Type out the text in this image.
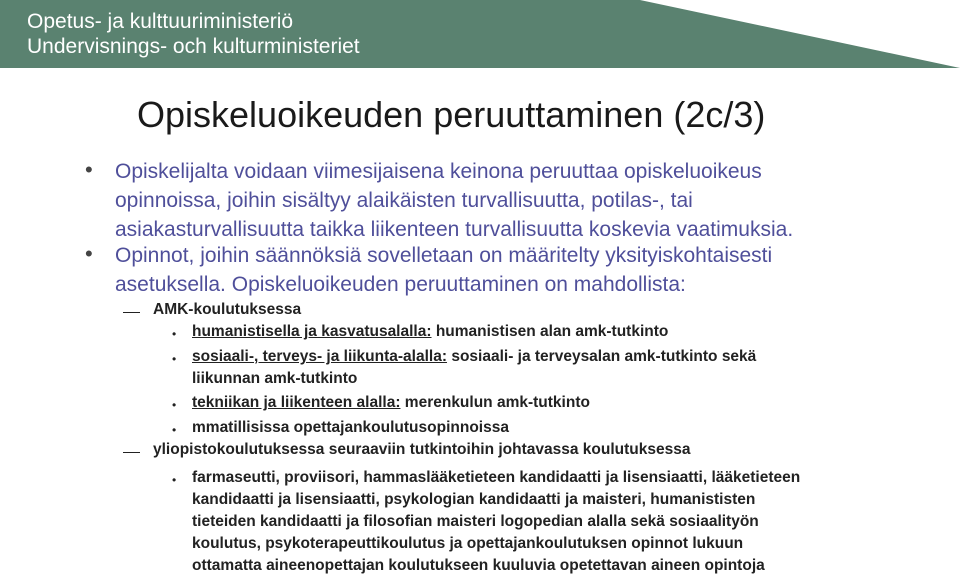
Opetus- ja kulttuuriministeriö
Undervisnings- och kulturministeriet
Opiskeluoikeuden peruuttaminen (2c/3)
• Opiskelijalta voidaan viimesijaisena keinona peruuttaa opiskeluoikeus
opinnoissa, joihin sisältyy alaikäisten turvallisuutta, potilas-, tai
asiakasturvallisuutta taikka liikenteen turvallisuutta koskevia vaatimuksia.
• Opinnot, joihin säännöksiä sovelletaan on määritelty yksityiskohtaisesti
asetuksella. Opiskeluoikeuden peruuttaminen on mahdollista:
AMK-koulutuksessa
• humanistisella ja kasvatusalalla: humanistisen alan amk-tutkinto
• sosiaali-, terveys- ja liikunta-alalla: sosiaali- ja terveysalan amk-tutkinto sekä
liikunnan amk-tutkinto
• tekniikan ja liikenteen alalla: merenkulun amk-tutkinto
• mmatillisissa opettajankoulutusopinnoissa
yliopistokoulutuksessa seuraaviin tutkintoihin johtavassa koulutuksessa
• farmaseutti, proviisori, hammaslääketieteen kandidaatti ja lisensiaatti, lääketieteen
kandidaatti ja lisensiaatti, psykologian kandidaatti ja maisteri, humanististen
tieteiden kandidaatti ja filosofian maisteri logopedian alalla sekä sosiaalityön
koulutus, psykoterapeuttikoulutus ja opettajankoulutuksen opinnot lukuun
ottamatta aineenopettajan koulutukseen kuuluvia opetettavan aineen opintoja
